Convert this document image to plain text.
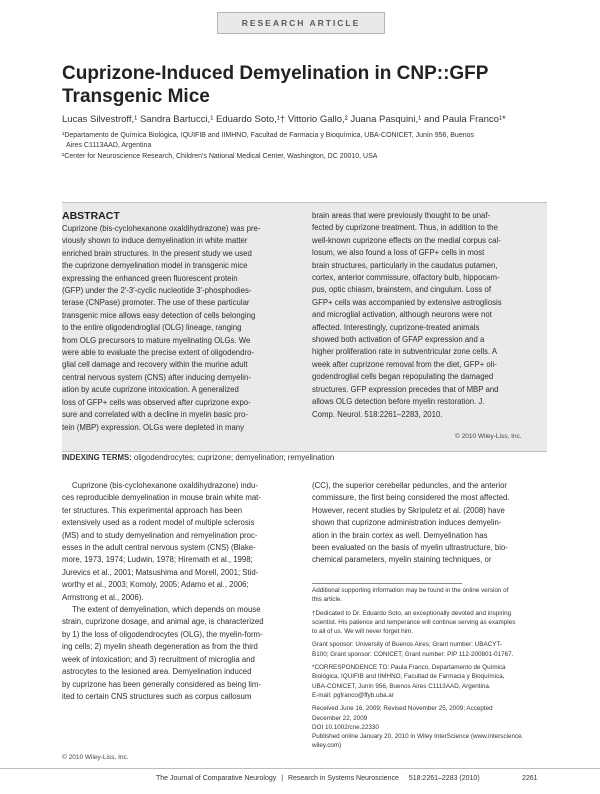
RESEARCH ARTICLE
Cuprizone-Induced Demyelination in CNP::GFP Transgenic Mice
Lucas Silvestroff,¹ Sandra Bartucci,¹ Eduardo Soto,¹† Vittorio Gallo,² Juana Pasquini,¹ and Paula Franco¹*
¹Departamento de Química Biológica, IQUIFIB and IIMHNO, Facultad de Farmacia y Bioquímica, UBA-CONICET, Junín 956, Buenos
Aires C1113AAD, Argentina
²Center for Neuroscience Research, Children's National Medical Center, Washington, DC 20010, USA
ABSTRACT
Cuprizone (bis-cyclohexanone oxaldihydrazone) was pre-
viously shown to induce demyelination in white matter
enriched brain structures. In the present study we used
the cuprizone demyelination model in transgenic mice
expressing the enhanced green fluorescent protein
(GFP) under the 2′-3′-cyclic nucleotide 3′-phosphodies-
terase (CNPase) promoter. The use of these particular
transgenic mice allows easy detection of cells belonging
to the entire oligodendroglial (OLG) lineage, ranging
from OLG precursors to mature myelinating OLGs. We
were able to evaluate the precise extent of oligodendro-
glial cell damage and recovery within the murine adult
central nervous system (CNS) after inducing demyelin-
ation by acute cuprizone intoxication. A generalized
loss of GFP+ cells was observed after cuprizone expo-
sure and correlated with a decline in myelin basic pro-
tein (MBP) expression. OLGs were depleted in many
brain areas that were previously thought to be unaf-
fected by cuprizone treatment. Thus, in addition to the
well-known cuprizone effects on the medial corpus cal-
losum, we also found a loss of GFP+ cells in most
brain structures, particularly in the caudatus putamen,
cortex, anterior commissure, olfactory bulb, hippocam-
pus, optic chiasm, brainstem, and cingulum. Loss of
GFP+ cells was accompanied by extensive astrogliosis
and microglial activation, although neurons were not
affected. Interestingly, cuprizone-treated animals
showed both activation of GFAP expression and a
higher proliferation rate in subventricular zone cells. A
week after cuprizone removal from the diet, GFP+ oli-
godendroglial cells began repopulating the damaged
structures. GFP expression precedes that of MBP and
allows OLG detection before myelin restoration. J.
Comp. Neurol. 518:2261–2283, 2010.
© 2010 Wiley-Liss, Inc.
INDEXING TERMS: oligodendrocytes; cuprizone; demyelination; remyelination
Cuprizone (bis-cyclohexanone oxaldihydrazone) indu-
ces reproducible demyelination in mouse brain white mat-
ter structures. This experimental approach has been
extensively used as a rodent model of multiple sclerosis
(MS) and to study demyelination and remyelination proc-
esses in the adult central nervous system (CNS) (Blake-
more, 1973, 1974; Ludwin, 1978; Hiremath et al., 1998;
Jurevics et al., 2001; Matsushima and Morell, 2001; Stid-
worthy et al., 2003; Komoly, 2005; Adamo et al., 2006;
Armstrong et al., 2006).
The extent of demyelination, which depends on mouse
strain, cuprizone dosage, and animal age, is characterized
by 1) the loss of oligodendrocytes (OLG), the myelin-form-
ing cells; 2) myelin sheath degeneration as from the third
week of intoxication; and 3) recruitment of microglia and
astrocytes to the lesioned area. Demyelination induced
by cuprizone has been generally considered as being lim-
ited to certain CNS structures such as corpus callosum
(CC), the superior cerebellar peduncles, and the anterior
commissure, the first being considered the most affected.
However, recent studies by Skripuletz et al. (2008) have
shown that cuprizone administration induces demyelin-
ation in the brain cortex as well. Demyelination has
been evaluated on the basis of myelin ultrastructure, bio-
chemical parameters, myelin staining techniques, or
Additional supporting information may be found in the online version of
this article.
†Dedicated to Dr. Eduardo Soto, an exceptionally devoted and inspiring
scientist. His patience and temperance will continue serving as examples
to all of us. We will never forget him.
Grant sponsor: University of Buenos Aires; Grant number: UBACYT-
B100; Grant sponsor: CONICET; Grant number: PIP 112-200801-01767.
*CORRESPONDENCE TO: Paula Franco, Departamento de Química
Biológica, IQUIFIB and IIMHNO, Facultad de Farmacia y Bioquímica,
UBA-CONICET, Junín 956, Buenos Aires C1113AAD, Argentina.
E-mail: pgfranco@ffyb.uba.ar
Received June 16, 2009; Revised November 25, 2009; Accepted
December 22, 2009
DOI 10.1002/cne.22330
Published online January 20, 2010 in Wiley InterScience (www.interscience.
wiley.com)
© 2010 Wiley-Liss, Inc.
The Journal of Comparative Neurology | Research in Systems Neuroscience 518:2261–2283 (2010)	2261
